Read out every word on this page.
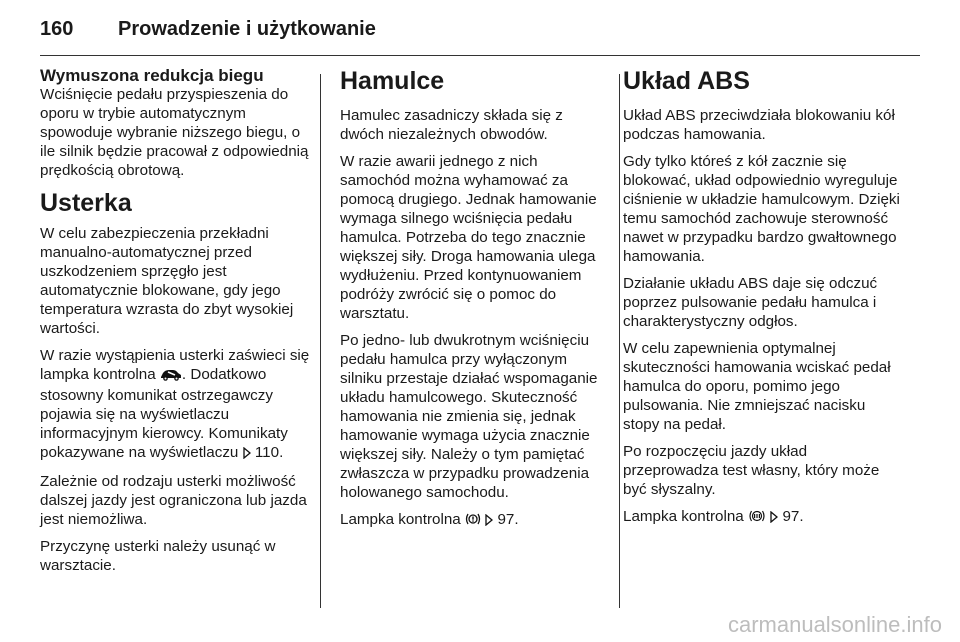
160	Prowadzenie i użytkowanie
Wymuszona redukcja biegu

Wciśnięcie pedału przyspieszenia do oporu w trybie automatycznym spowoduje wybranie niższego biegu, o ile silnik będzie pracował z odpowiednią prędkością obrotową.

Usterka

W celu zabezpieczenia przekładni manualno-automatycznej przed uszkodzeniem sprzęgło jest automatycznie blokowane, gdy jego temperatura wzrasta do zbyt wysokiej wartości.

W razie wystąpienia usterki zaświeci się lampka kontrolna . Dodatkowo stosowny komunikat ostrzegawczy pojawia się na wyświetlaczu informacyjnym kierowcy. Komunikaty pokazywane na wyświetlaczu 110.

Zależnie od rodzaju usterki możliwość dalszej jazdy jest ograniczona lub jazda jest niemożliwa.

Przyczynę usterki należy usunąć w warsztacie.

Hamulce

Hamulec zasadniczy składa się z dwóch niezależnych obwodów.

W razie awarii jednego z nich samochód można wyhamować za pomocą drugiego. Jednak hamowanie wymaga silnego wciśnięcia pedału hamulca. Potrzeba do tego znacznie większej siły. Droga hamowania ulega wydłużeniu. Przed kontynuowaniem podróży zwrócić się o pomoc do warsztatu.

Po jedno- lub dwukrotnym wciśnięciu pedału hamulca przy wyłączonym silniku przestaje działać wspomaganie układu hamulcowego. Skuteczność hamowania nie zmienia się, jednak hamowanie wymaga użycia znacznie większej siły. Należy o tym pamiętać zwłaszcza w przypadku prowadzenia holowanego samochodu.

Lampka kontrolna 97.

Układ ABS

Układ ABS przeciwdziała blokowaniu kół podczas hamowania.

Gdy tylko któreś z kół zacznie się blokować, układ odpowiednio wyreguluje ciśnienie w układzie hamulcowym. Dzięki temu samochód zachowuje sterowność nawet w przypadku bardzo gwałtownego hamowania.

Działanie układu ABS daje się odczuć poprzez pulsowanie pedału hamulca i charakterystyczny odgłos.

W celu zapewnienia optymalnej skuteczności hamowania wciskać pedał hamulca do oporu, pomimo jego pulsowania. Nie zmniejszać nacisku stopy na pedał.

Po rozpoczęciu jazdy układ przeprowadza test własny, który może być słyszalny.

Lampka kontrolna	97.

carmanualsonline.info
